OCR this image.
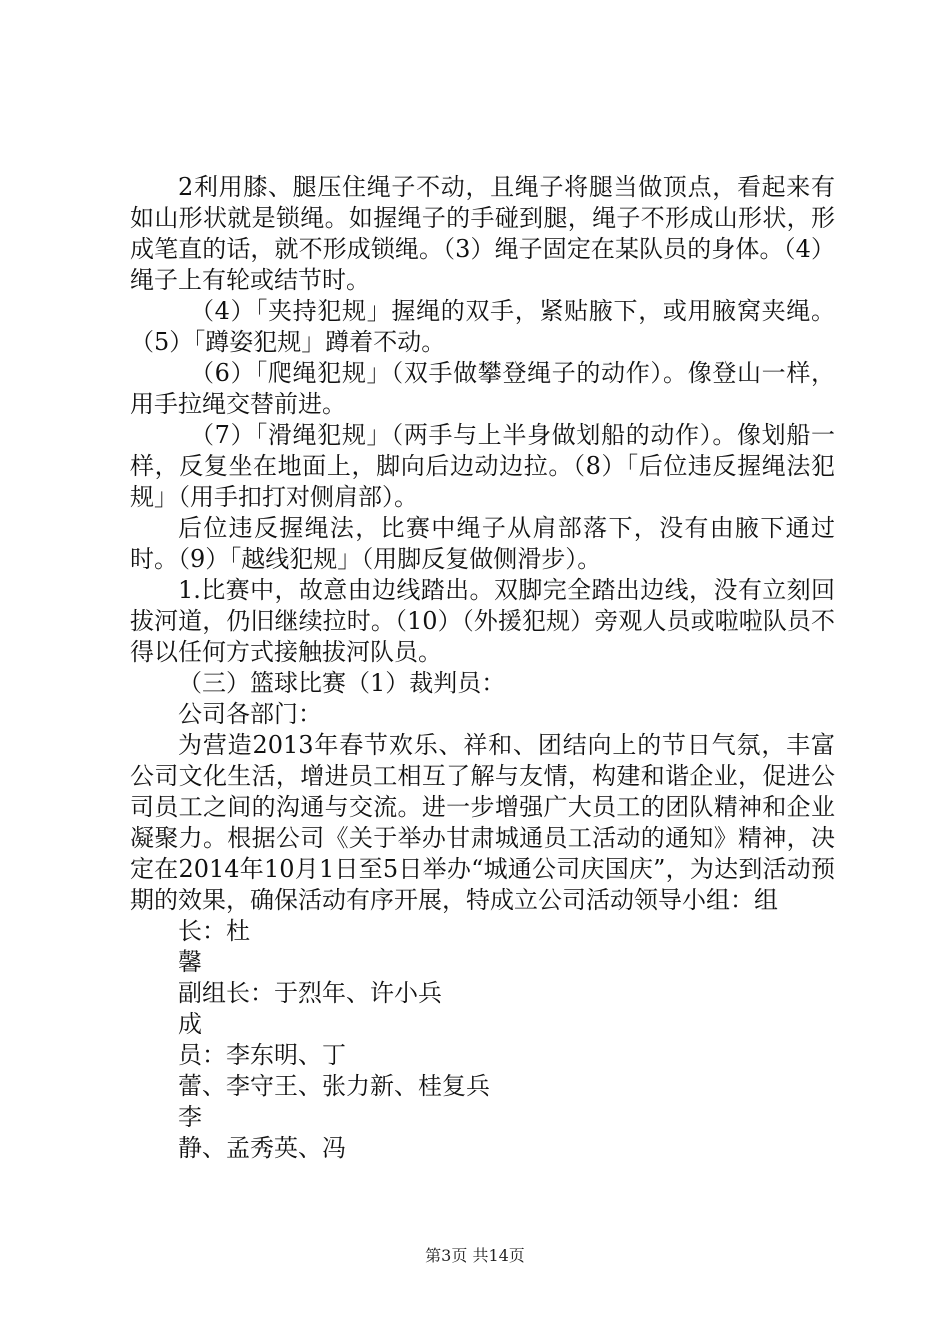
2利用膝、腿压住绳子不动，且绳子将腿当做顶点，看起来有如山形状就是锁绳。如握绳子的手碰到腿，绳子不形成山形状，形成笔直的话，就不形成锁绳。（3）绳子固定在某队员的身体。（4）绳子上有轮或结节时。

（4）「夹持犯规」握绳的双手，紧贴腋下，或用腋窝夹绳。（5）「蹲姿犯规」蹲着不动。

（6）「爬绳犯规」（双手做攀登绳子的动作）。像登山一样，用手拉绳交替前进。

（7）「滑绳犯规」（两手与上半身做划船的动作）。像划船一样，反复坐在地面上，脚向后边动边拉。（8）「后位违反握绳法犯规」（用手扣打对侧肩部）。

后位违反握绳法，比赛中绳子从肩部落下，没有由腋下通过时。（9）「越线犯规」（用脚反复做侧滑步）。

1.比赛中，故意由边线踏出。双脚完全踏出边线，没有立刻回拔河道，仍旧继续拉时。（10）（外援犯规）旁观人员或啦啦队员不得以任何方式接触拔河队员。

（三）篮球比赛（1）裁判员：

公司各部门：

为营造2013年春节欢乐、祥和、团结向上的节日气氛，丰富公司文化生活，增进员工相互了解与友情，构建和谐企业，促进公司员工之间的沟通与交流。进一步增强广大员工的团队精神和企业凝聚力。根据公司《关于举办甘肃城通员工活动的通知》精神，决定在2014年10月1日至5日举办“城通公司庆国庆”，为达到活动预期的效果，确保活动有序开展，特成立公司活动领导小组：组

长：杜

馨

副组长：于烈年、许小兵

成

员：李东明、丁

蕾、李守王、张力新、桂复兵

李

静、孟秀英、冯

第3页 共14页
